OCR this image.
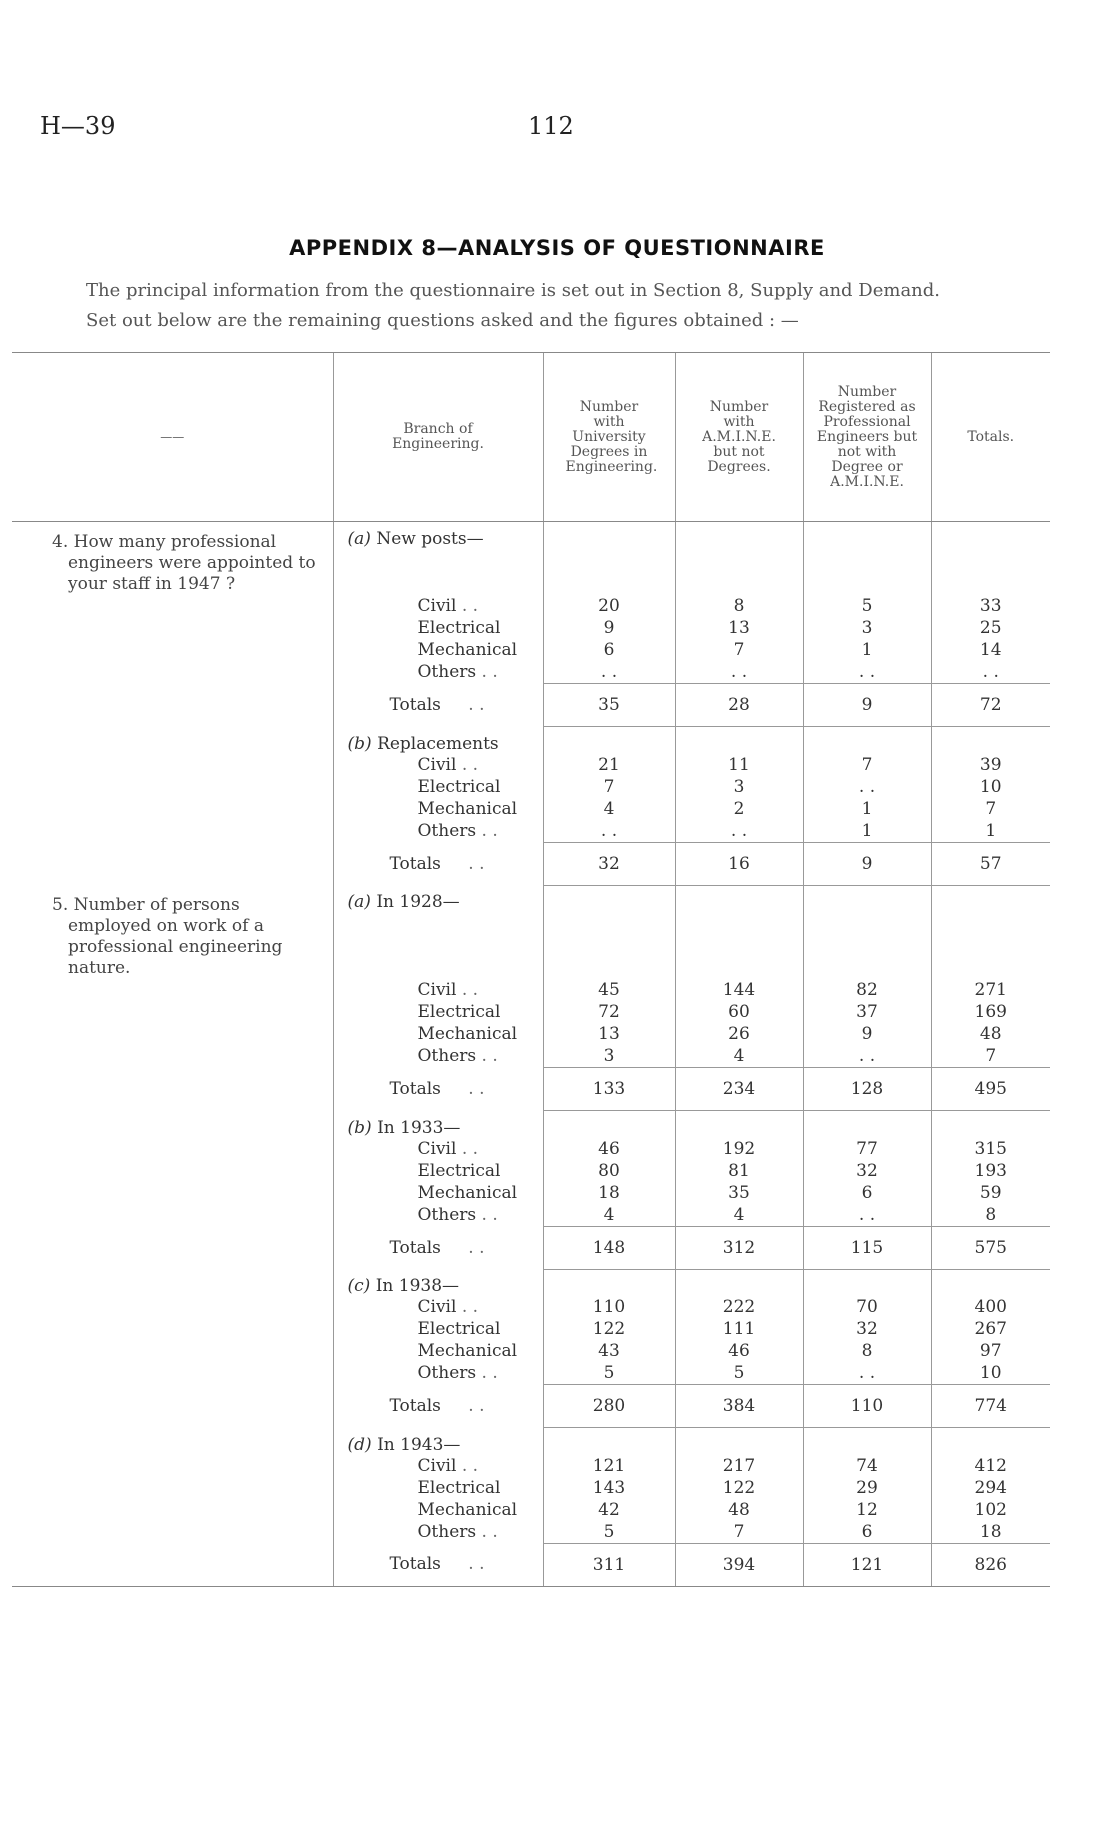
H—39	112
APPENDIX 8—ANALYSIS OF QUESTIONNAIRE
The principal information from the questionnaire is set out in Section 8, Supply and Demand.
Set out below are the remaining questions asked and the figures obtained : —
——	Branch of Engineering.	Number with University Degrees in Engineering.	Number with A.M.I.N.E. but not Degrees.	Number Registered as Professional Engineers but not with Degree or A.M.I.N.E.	Totals.
4. How many professional engineers were appointed to your staff in 1947 ?	(a) New posts—				
	Civil . .	20	8	5	33
	Electrical	9	13	3	25
	Mechanical	6	7	1	14
	Others . .	. .	. .	. .	. .
	Totals . .	35	28	9	72
	(b) Replacements				
	Civil . .	21	11	7	39
	Electrical	7	3	. .	10
	Mechanical	4	2	1	7
	Others . .	. .	. .	1	1
	Totals . .	32	16	9	57
5. Number of persons employed on work of a professional engineering nature.	(a) In 1928—				
	Civil . .	45	144	82	271
	Electrical	72	60	37	169
	Mechanical	13	26	9	48
	Others . .	3	4	. .	7
	Totals . .	133	234	128	495
	(b) In 1933—				
	Civil . .	46	192	77	315
	Electrical	80	81	32	193
	Mechanical	18	35	6	59
	Others . .	4	4	. .	8
	Totals . .	148	312	115	575
	(c) In 1938—				
	Civil . .	110	222	70	400
	Electrical	122	111	32	267
	Mechanical	43	46	8	97
	Others . .	5	5	. .	10
	Totals . .	280	384	110	774
	(d) In 1943—				
	Civil . .	121	217	74	412
	Electrical	143	122	29	294
	Mechanical	42	48	12	102
	Others . .	5	7	6	18
	Totals . .	311	394	121	826
